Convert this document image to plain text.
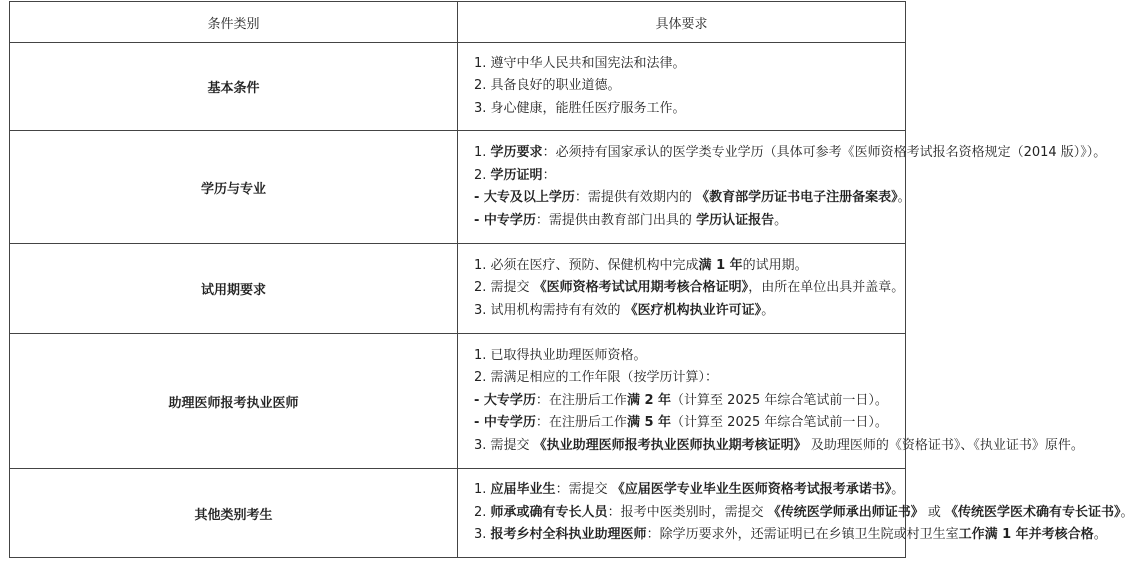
条件类别	具体要求
基本条件	1. 遵守中华人民共和国宪法和法律。
2. 具备良好的职业道德。
3. 身心健康，能胜任医疗服务工作。

学历与专业	1. 学历要求：必须持有国家承认的医学类专业学历（具体可参考《医师资格考试报名资格规定（2014 版）》）。
2. 学历证明：
- 大专及以上学历：需提供有效期内的 《教育部学历证书电子注册备案表》。
- 中专学历：需提供由教育部门出具的 学历认证报告。

试用期要求	1. 必须在医疗、预防、保健机构中完成满 1 年的试用期。
2. 需提交 《医师资格考试试用期考核合格证明》，由所在单位出具并盖章。
3. 试用机构需持有有效的 《医疗机构执业许可证》。

助理医师报考执业医师	1. 已取得执业助理医师资格。
2. 需满足相应的工作年限（按学历计算）：
- 大专学历：在注册后工作满 2 年（计算至 2025 年综合笔试前一日）。
- 中专学历：在注册后工作满 5 年（计算至 2025 年综合笔试前一日）。
3. 需提交 《执业助理医师报考执业医师执业期考核证明》 及助理医师的《资格证书》、《执业证书》原件。

其他类别考生	1. 应届毕业生：需提交 《应届医学专业毕业生医师资格考试报考承诺书》。
2. 师承或确有专长人员：报考中医类别时，需提交 《传统医学师承出师证书》 或 《传统医学医术确有专长证书》。
3. 报考乡村全科执业助理医师：除学历要求外，还需证明已在乡镇卫生院或村卫生室工作满 1 年并考核合格。
